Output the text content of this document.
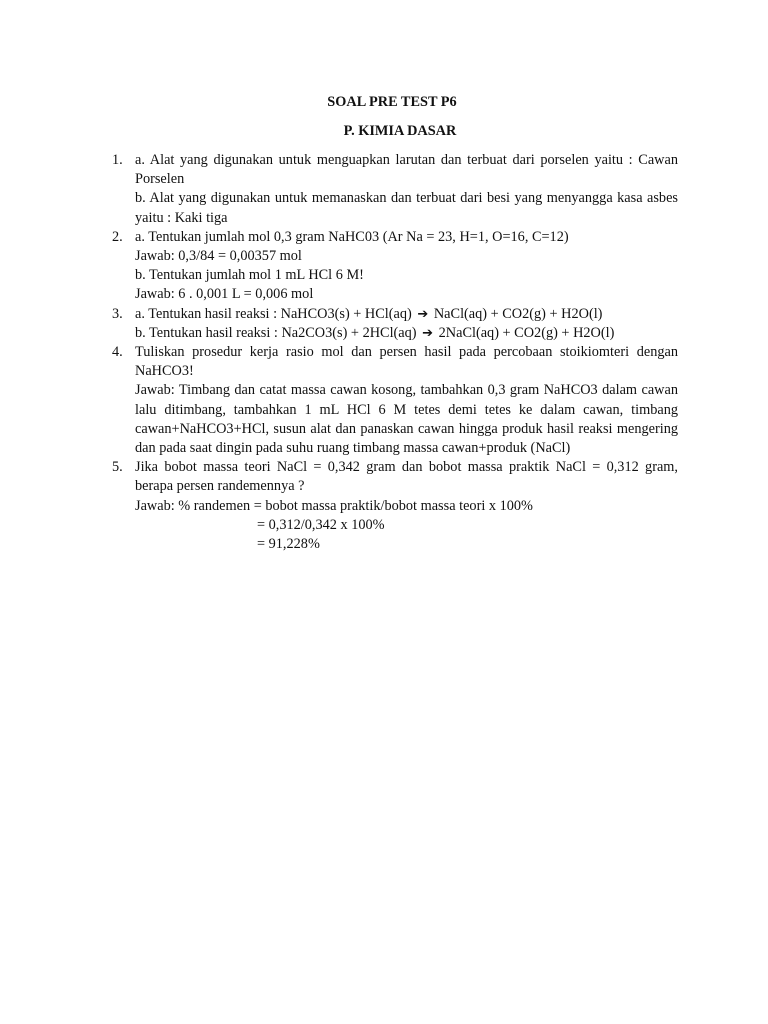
SOAL PRE TEST P6
P. KIMIA DASAR
1. a. Alat yang digunakan untuk menguapkan larutan dan terbuat dari porselen yaitu : Cawan Porselen

b. Alat yang digunakan untuk memanaskan dan terbuat dari besi yang menyangga kasa asbes yaitu : Kaki tiga

2. a. Tentukan jumlah mol 0,3 gram NaHC03 (Ar Na = 23, H=1, O=16, C=12)

Jawab: 0,3/84 = 0,00357 mol

b. Tentukan jumlah mol 1 mL HCl 6 M!

Jawab: 6 . 0,001 L = 0,006 mol

3. a. Tentukan hasil reaksi : NaHCO3(s) + HCl(aq) ➔ NaCl(aq) + CO2(g) + H2O(l)

b. Tentukan hasil reaksi : Na2CO3(s) + 2HCl(aq) ➔ 2NaCl(aq) + CO2(g) + H2O(l)

4. Tuliskan prosedur kerja rasio mol dan persen hasil pada percobaan stoikiomteri dengan NaHCO3!

Jawab: Timbang dan catat massa cawan kosong, tambahkan 0,3 gram NaHCO3 dalam cawan lalu ditimbang, tambahkan 1 mL HCl 6 M tetes demi tetes ke dalam cawan, timbang cawan+NaHCO3+HCl, susun alat dan panaskan cawan hingga produk hasil reaksi mengering dan pada saat dingin pada suhu ruang timbang massa cawan+produk (NaCl)

5. Jika bobot massa teori NaCl = 0,342 gram dan bobot massa praktik NaCl = 0,312 gram, berapa persen randemennya ?

Jawab: % randemen = bobot massa praktik/bobot massa teori x 100%

= 0,312/0,342 x 100%

= 91,228%
